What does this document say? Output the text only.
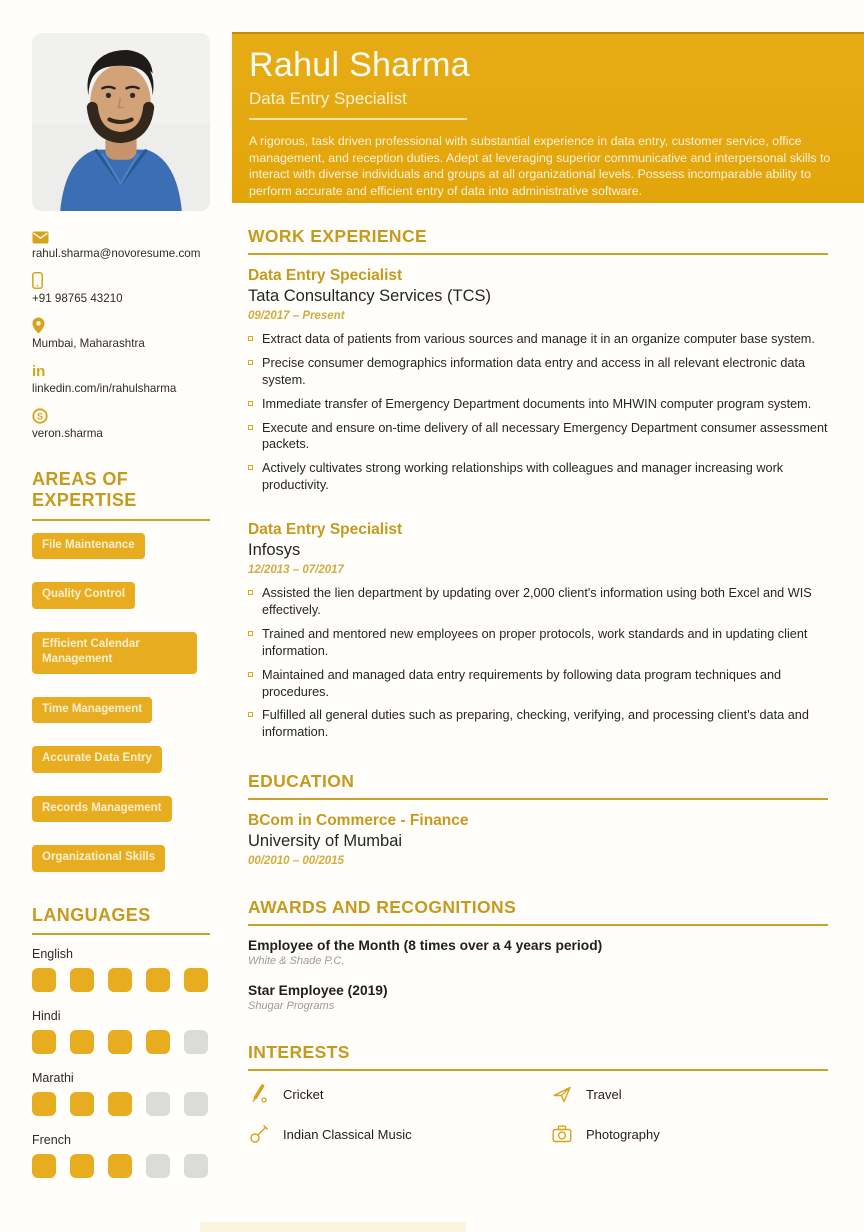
rahul.sharma@novoresume.com
+91 98765 43210
Mumbai, Maharashtra
in
linkedin.com/in/rahulsharma
S
veron.sharma
AREAS OF EXPERTISE
File Maintenance
Quality Control
Efficient Calendar Management
Time Management
Accurate Data Entry
Records Management
Organizational Skills

LANGUAGES
English
Hindi
Marathi
French
Rahul Sharma
Data Entry Specialist
A rigorous, task driven professional with substantial experience in data entry, customer service, office management, and reception duties. Adept at leveraging superior communicative and interpersonal skills to interact with diverse individuals and groups at all organizational levels. Possess incomparable ability to perform accurate and efficient entry of data into administrative software.
WORK EXPERIENCE
Data Entry Specialist
Tata Consultancy Services (TCS)
09/2017 – Present
Extract data of patients from various sources and manage it in an organize computer base system.
Precise consumer demographics information data entry and access in all relevant electronic data system.
Immediate transfer of Emergency Department documents into MHWIN computer program system.
Execute and ensure on-time delivery of all necessary Emergency Department consumer assessment packets.
Actively cultivates strong working relationships with colleagues and manager increasing work productivity.
Data Entry Specialist
Infosys
12/2013 – 07/2017
Assisted the lien department by updating over 2,000 client's information using both Excel and WIS effectively.
Trained and mentored new employees on proper protocols, work standards and in updating client information.
Maintained and managed data entry requirements by following data program techniques and procedures.
Fulfilled all general duties such as preparing, checking, verifying, and processing client's data and information.
EDUCATION
BCom in Commerce - Finance
University of Mumbai
00/2010 – 00/2015
AWARDS AND RECOGNITIONS
Employee of the Month (8 times over a 4 years period)
White & Shade P.C.
Star Employee (2019)
Shugar Programs
INTERESTS
Cricket	Travel
Indian Classical Music	Photography
